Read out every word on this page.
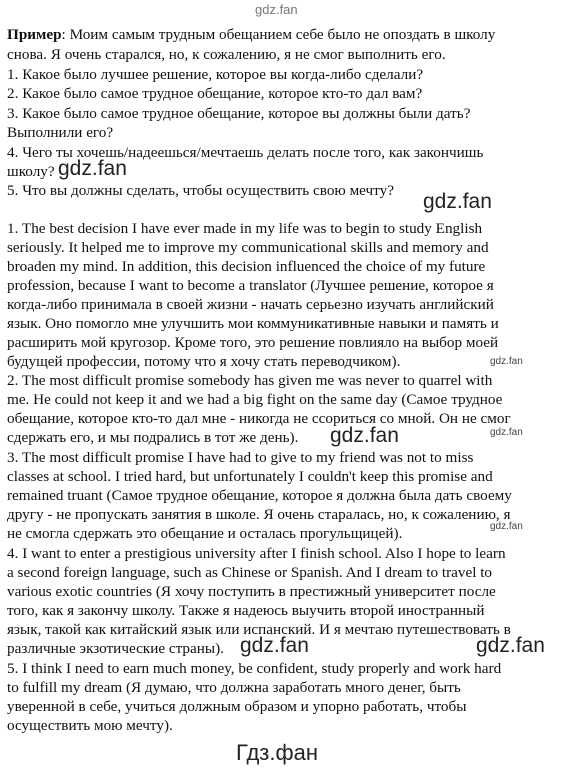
gdz.fan
Пример: Моим самым трудным обещанием себе было не опоздать в школу
снова. Я очень старался, но, к сожалению, я не смог выполнить его.
1. Какое было лучшее решение, которое вы когда-либо сделали?
2. Какое было самое трудное обещание, которое кто-то дал вам?
3. Какое было самое трудное обещание, которое вы должны были дать?
Выполнили его?
4. Чего ты хочешь/надеешься/мечтаешь делать после того, как закончишь
школу?
5. Что вы должны сделать, чтобы осуществить свою мечту?
gdz.fan
gdz.fan
1. The best decision I have ever made in my life was to begin to study English
seriously. It helped me to improve my communicational skills and memory and
broaden my mind. In addition, this decision influenced the choice of my future
profession, because I want to become a translator (Лучшее решение, которое я
когда-либо принимала в своей жизни - начать серьезно изучать английский
язык. Оно помогло мне улучшить мои коммуникативные навыки и память и
расширить мой кругозор. Кроме того, это решение повлияло на выбор моей
будущей профессии, потому что я хочу стать переводчиком).	gdz.fan
2. The most difficult promise somebody has given me was never to quarrel with
me. He could not keep it and we had a big fight on the same day (Самое трудное
обещание, которое кто-то дал мне - никогда не ссориться со мной. Он не смог
сдержать его, и мы подрались в тот же день). gdz.fan	gdz.fan
3. The most difficult promise I have had to give to my friend was not to miss
classes at school. I tried hard, but unfortunately I couldn't keep this promise and
remained truant (Самое трудное обещание, которое я должна была дать своему
другу - не пропускать занятия в школе. Я очень старалась, но, к сожалению, я
не смогла сдержать это обещание и осталась прогульщицей).	gdz.fan
4. I want to enter a prestigious university after I finish school. Also I hope to learn
a second foreign language, such as Chinese or Spanish. And I dream to travel to
various exotic countries (Я хочу поступить в престижный университет после
того, как я закончу школу. Также я надеюсь выучить второй иностранный
язык, такой как китайский язык или испанский. И я мечтаю путешествовать в
различные экзотические страны). gdz.fan	gdz.fan
5. I think I need to earn much money, be confident, study properly and work hard
to fulfill my dream (Я думаю, что должна заработать много денег, быть
уверенной в себе, учиться должным образом и упорно работать, чтобы
осуществить мою мечту).
Гдз.фан
